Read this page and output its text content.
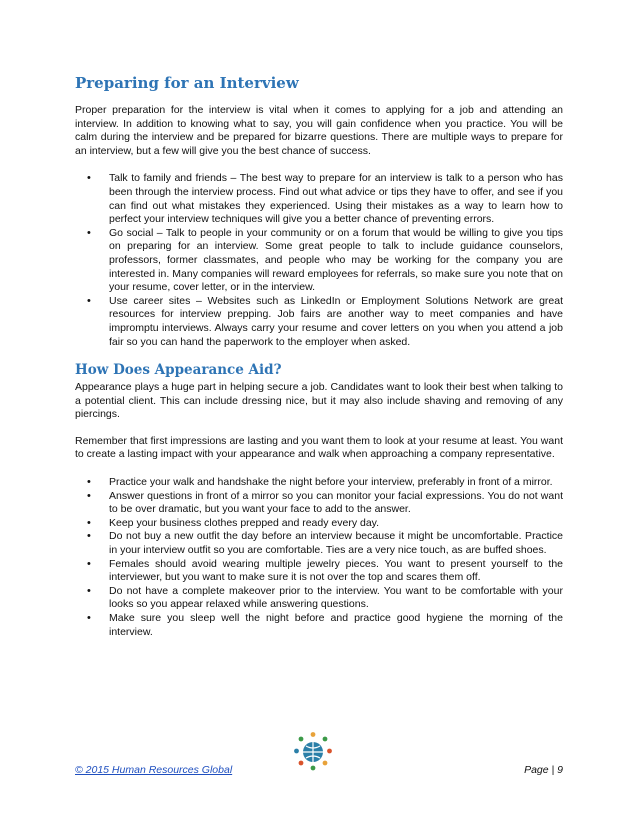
Preparing for an Interview

Proper preparation for the interview is vital when it comes to applying for a job and attending an interview. In addition to knowing what to say, you will gain confidence when you practice. You will be calm during the interview and be prepared for bizarre questions. There are multiple ways to prepare for an interview, but a few will give you the best chance of success.

• Talk to family and friends – The best way to prepare for an interview is talk to a person who has been through the interview process. Find out what advice or tips they have to offer, and see if you can find out what mistakes they experienced. Using their mistakes as a way to learn how to perfect your interview techniques will give you a better chance of preventing errors.
• Go social – Talk to people in your community or on a forum that would be willing to give you tips on preparing for an interview. Some great people to talk to include guidance counselors, professors, former classmates, and people who may be working for the company you are interested in. Many companies will reward employees for referrals, so make sure you note that on your resume, cover letter, or in the interview.
• Use career sites – Websites such as LinkedIn or Employment Solutions Network are great resources for interview prepping. Job fairs are another way to meet companies and have impromptu interviews. Always carry your resume and cover letters on you when you attend a job fair so you can hand the paperwork to the employer when asked.
How Does Appearance Aid?

Appearance plays a huge part in helping secure a job. Candidates want to look their best when talking to a potential client. This can include dressing nice, but it may also include shaving and removing of any piercings.

Remember that first impressions are lasting and you want them to look at your resume at least. You want to create a lasting impact with your appearance and walk when approaching a company representative.

• Practice your walk and handshake the night before your interview, preferably in front of a mirror.
• Answer questions in front of a mirror so you can monitor your facial expressions. You do not want to be over dramatic, but you want your face to add to the answer.
• Keep your business clothes prepped and ready every day.
• Do not buy a new outfit the day before an interview because it might be uncomfortable. Practice in your interview outfit so you are comfortable. Ties are a very nice touch, as are buffed shoes.
• Females should avoid wearing multiple jewelry pieces. You want to present yourself to the interviewer, but you want to make sure it is not over the top and scares them off.
• Do not have a complete makeover prior to the interview. You want to be comfortable with your looks so you appear relaxed while answering questions.
• Make sure you sleep well the night before and practice good hygiene the morning of the interview.
© 2015 Human Resources Global	Page | 9
